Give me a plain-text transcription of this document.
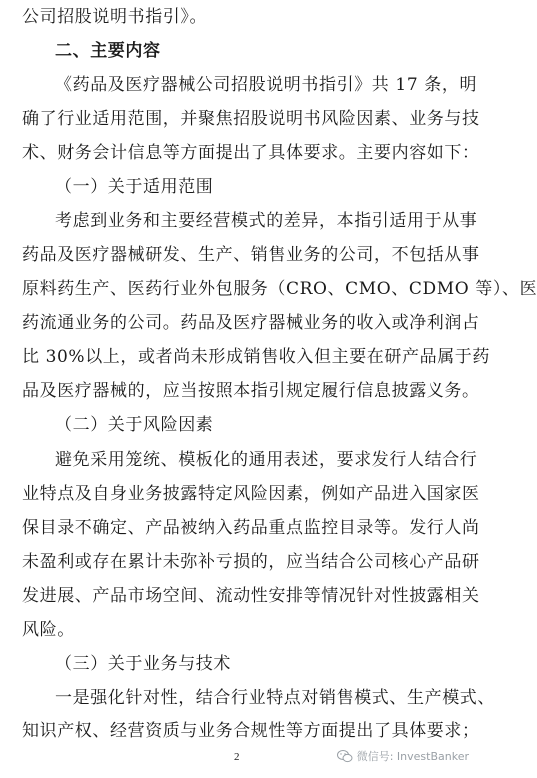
公司招股说明书指引》。
二、主要内容
《药品及医疗器械公司招股说明书指引》共 17 条，明
确了行业适用范围，并聚焦招股说明书风险因素、业务与技
术、财务会计信息等方面提出了具体要求。主要内容如下：
（一）关于适用范围
考虑到业务和主要经营模式的差异，本指引适用于从事
药品及医疗器械研发、生产、销售业务的公司，不包括从事
原料药生产、医药行业外包服务（CRO、CMO、CDMO 等）、医
药流通业务的公司。药品及医疗器械业务的收入或净利润占
比 30%以上，或者尚未形成销售收入但主要在研产品属于药
品及医疗器械的，应当按照本指引规定履行信息披露义务。
（二）关于风险因素
避免采用笼统、模板化的通用表述，要求发行人结合行
业特点及自身业务披露特定风险因素，例如产品进入国家医
保目录不确定、产品被纳入药品重点监控目录等。发行人尚
未盈利或存在累计未弥补亏损的，应当结合公司核心产品研
发进展、产品市场空间、流动性安排等情况针对性披露相关
风险。
（三）关于业务与技术
一是强化针对性，结合行业特点对销售模式、生产模式、
知识产权、经营资质与业务合规性等方面提出了具体要求；
2	微信号: InvestBanker
